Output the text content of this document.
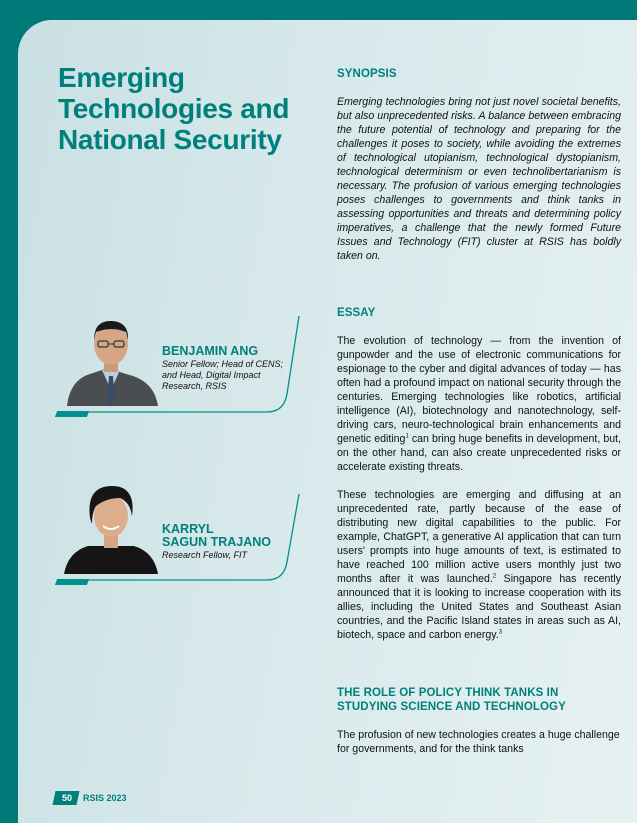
Emerging
Technologies and
National Security
BENJAMIN ANG
Senior Fellow; Head of CENS; and Head, Digital Impact Research, RSIS
KARRYL
SAGUN TRAJANO
Research Fellow, FIT
SYNOPSIS

Emerging technologies bring not just novel societal benefits, but also unprecedented risks. A balance between embracing the future potential of technology and preparing for the challenges it poses to society, while avoiding the extremes of technological utopianism, technological dystopianism, technological determinism or even technolibertarianism is necessary. The profusion of various emerging technologies poses challenges to governments and think tanks in assessing opportunities and threats and determining policy imperatives, a challenge that the newly formed Future Issues and Technology (FIT) cluster at RSIS has boldly taken on.

ESSAY

The evolution of technology — from the invention of gunpowder and the use of electronic communications for espionage to the cyber and digital advances of today — has often had a profound impact on national security through the centuries. Emerging technologies like robotics, artificial intelligence (AI), biotechnology and nanotechnology, self-driving cars, neuro-technological brain enhancements and genetic editing$^1$ can bring huge benefits in development, but, on the other hand, can also create unprecedented risks or accelerate existing threats.

These technologies are emerging and diffusing at an unprecedented rate, partly because of the ease of distributing new digital capabilities to the public. For example, ChatGPT, a generative AI application that can turn users' prompts into huge amounts of text, is estimated to have reached 100 million active users monthly just two months after it was launched.$^2$ Singapore has recently announced that it is looking to increase cooperation with its allies, including the United States and Southeast Asian countries, and the Pacific Island states in areas such as AI, biotech, space and carbon energy.$^3$

THE ROLE OF POLICY THINK TANKS IN STUDYING SCIENCE AND TECHNOLOGY

The profusion of new technologies creates a huge challenge for governments, and for the think tanks

50	RSIS 2023
